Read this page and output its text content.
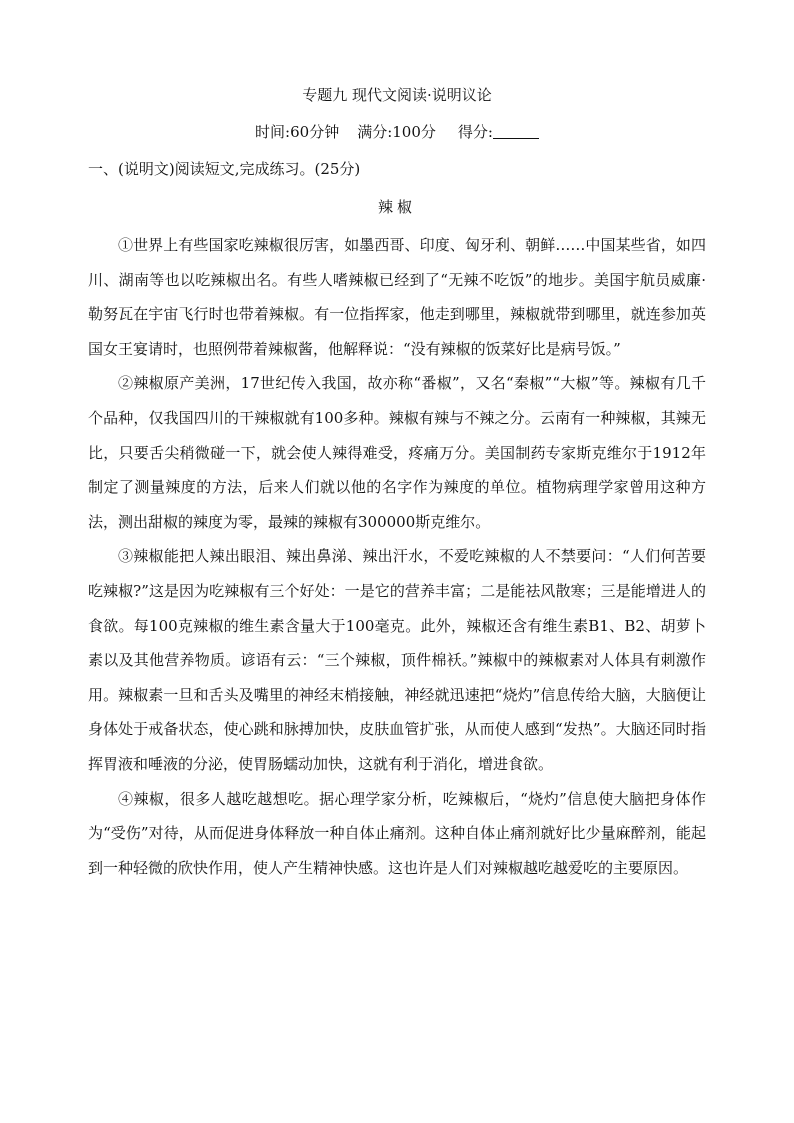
专题九 现代文阅读·说明议论
时间:60分钟 满分:100分 得分:
一、(说明文)阅读短文,完成练习。(25分)
辣椒

①世界上有些国家吃辣椒很厉害，如墨西哥、印度、匈牙利、朝鲜……中国某些省，如四川、湖南等也以吃辣椒出名。有些人嗜辣椒已经到了“无辣不吃饭”的地步。美国宇航员威廉·勒努瓦在宇宙飞行时也带着辣椒。有一位指挥家，他走到哪里，辣椒就带到哪里，就连参加英国女王宴请时，也照例带着辣椒酱，他解释说：“没有辣椒的饭菜好比是病号饭。”

②辣椒原产美洲，17世纪传入我国，故亦称“番椒”，又名“秦椒”“大椒”等。辣椒有几千个品种，仅我国四川的干辣椒就有100多种。辣椒有辣与不辣之分。云南有一种辣椒，其辣无比，只要舌尖稍微碰一下，就会使人辣得难受，疼痛万分。美国制药专家斯克维尔于1912年制定了测量辣度的方法，后来人们就以他的名字作为辣度的单位。植物病理学家曾用这种方法，测出甜椒的辣度为零，最辣的辣椒有300000斯克维尔。

③辣椒能把人辣出眼泪、辣出鼻涕、辣出汗水，不爱吃辣椒的人不禁要问：“人们何苦要吃辣椒?”这是因为吃辣椒有三个好处：一是它的营养丰富；二是能祛风散寒；三是能增进人的食欲。每100克辣椒的维生素含量大于100毫克。此外，辣椒还含有维生素B1、B2、胡萝卜素以及其他营养物质。谚语有云：“三个辣椒，顶件棉袄。”辣椒中的辣椒素对人体具有刺激作用。辣椒素一旦和舌头及嘴里的神经末梢接触，神经就迅速把“烧灼”信息传给大脑，大脑便让身体处于戒备状态，使心跳和脉搏加快，皮肤血管扩张，从而使人感到“发热”。大脑还同时指挥胃液和唾液的分泌，使胃肠蠕动加快，这就有利于消化，增进食欲。

④辣椒，很多人越吃越想吃。据心理学家分析，吃辣椒后，“烧灼”信息使大脑把身体作为“受伤”对待，从而促进身体释放一种自体止痛剂。这种自体止痛剂就好比少量麻醉剂，能起到一种轻微的欣快作用，使人产生精神快感。这也许是人们对辣椒越吃越爱吃的主要原因。
